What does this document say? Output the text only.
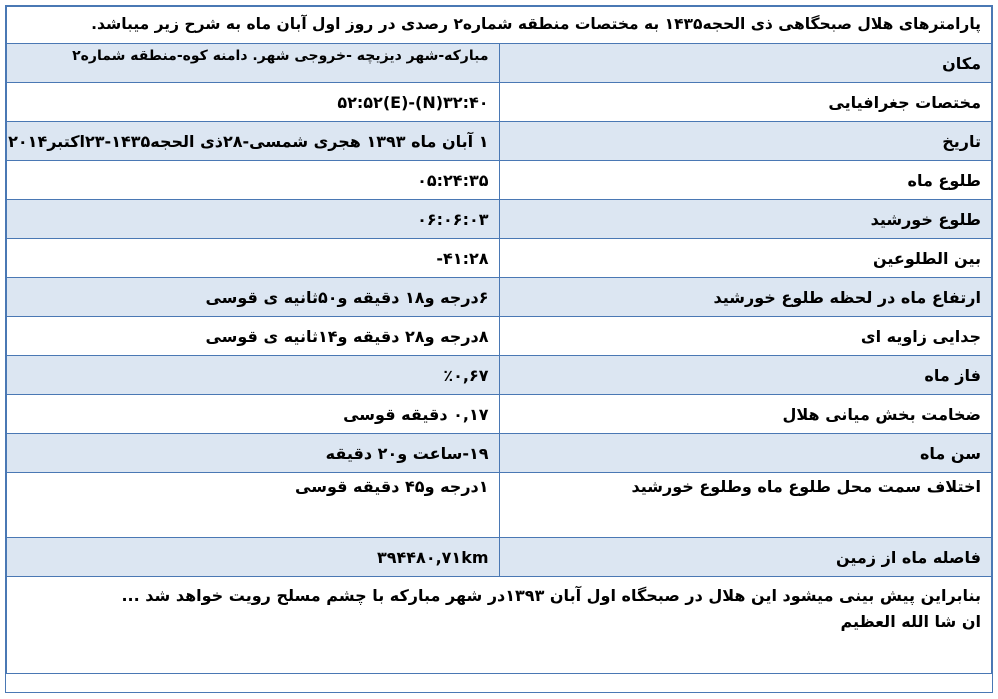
پارامترهای هلال صبحگاهی ذی الحجه۱۴۳۵ به مختصات منطقه شماره۲ رصدی در روز اول آبان ماه به شرح زیر میباشد.	
مکان	مبارکه-شهر دیزیچه -خروجی شهر. دامنه کوه-منطقه شماره۲
مختصات جغرافیایی	۳۲:۴۰(N)-۵۲:۵۲(E)
تاریخ	۱ آبان ماه ۱۳۹۳ هجری شمسی-۲۸ذی الحجه۱۴۳۵-۲۳اکتبر۲۰۱۴
طلوع ماه	۰۵:۲۴:۳۵
طلوع خورشید	۰۶:۰۶:۰۳
بین الطلوعین	۴۱:۲۸-
ارتفاع ماه در لحظه طلوع خورشید	۶درجه و۱۸ دقیقه و۵۰ثانیه ی قوسی
جدایی زاویه ای	۸درجه و۲۸ دقیقه و۱۴ثانیه ی قوسی
فاز ماه	٪۰,۶۷
ضخامت بخش میانی هلال	۰,۱۷ دقیقه قوسی
سن ماه	۱۹-ساعت و۲۰ دقیقه
اختلاف سمت محل طلوع ماه وطلوع خورشید	۱درجه و۴۵ دقیقه قوسی
فاصله ماه از زمین	۳۹۴۴۸۰,۷۱km

بنابراین پیش بینی میشود این هلال در صبحگاه اول آبان ۱۳۹۳در شهر مبارکه با چشم مسلح رویت خواهد شد ...
ان شا الله العظیم	
